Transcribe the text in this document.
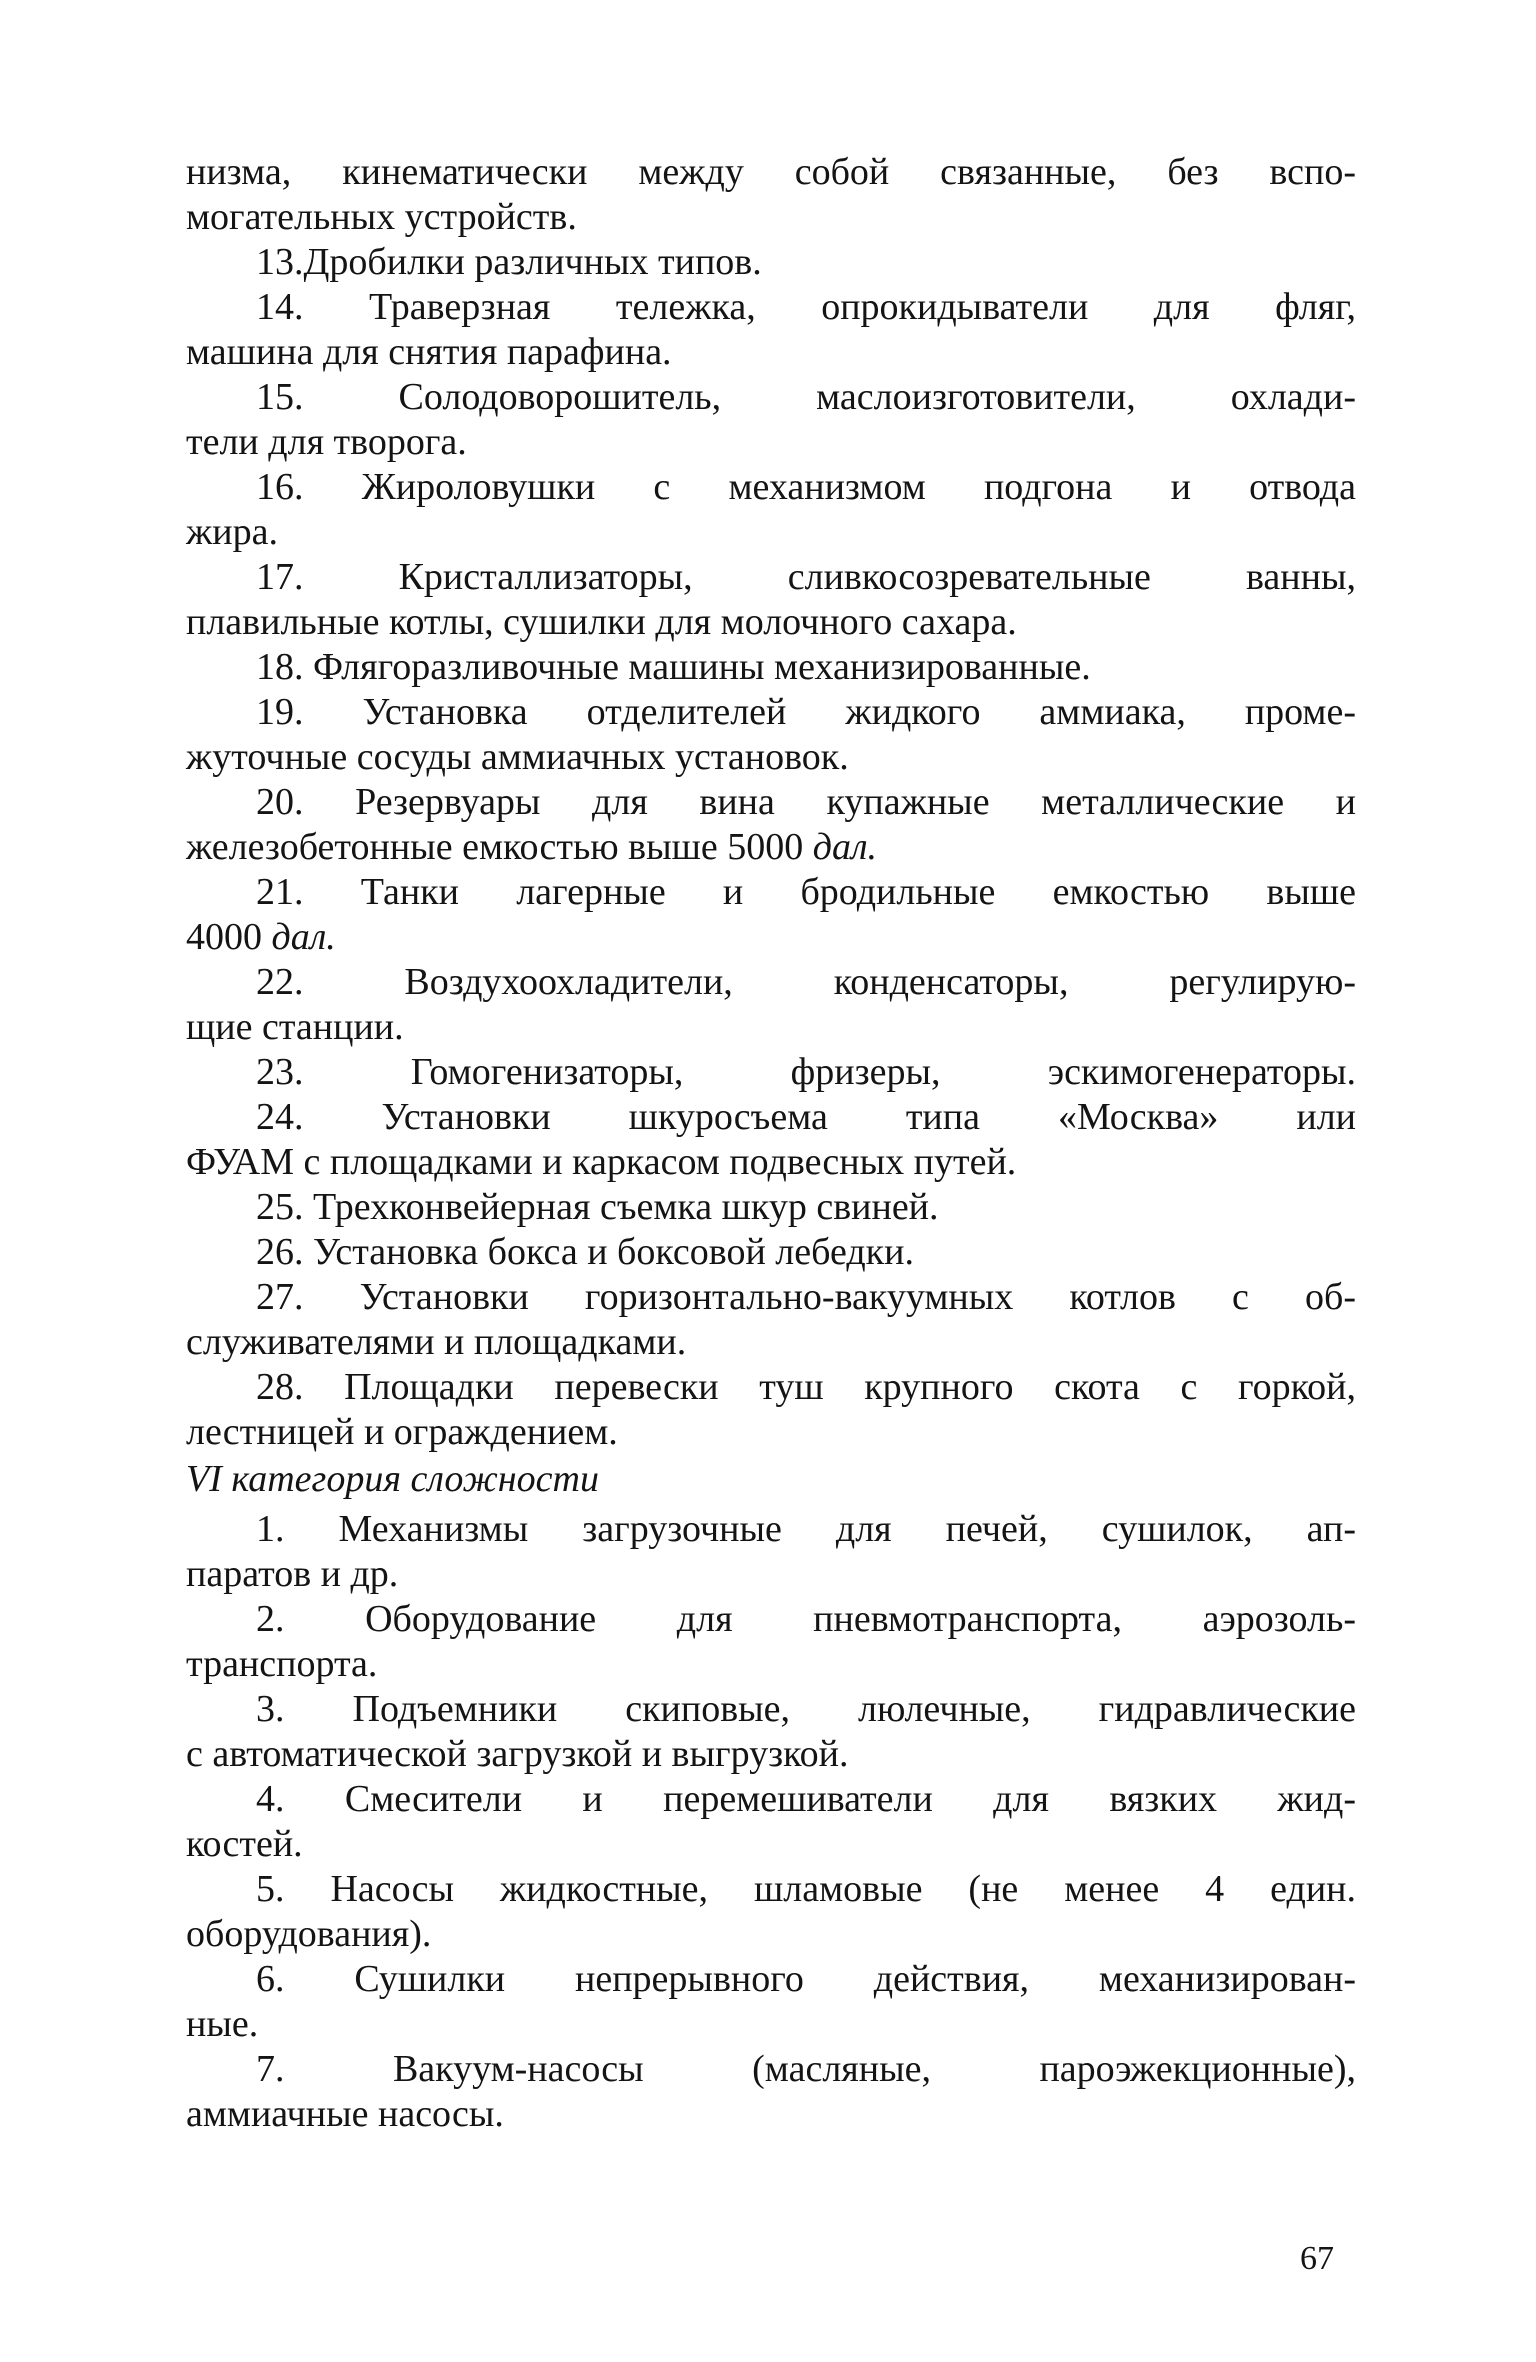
низма, кинематически между собой связанные, без вспо-
могательных устройств.
13.Дробилки различных типов.
14. Траверзная тележка, опрокидыватели для фляг,
машина для снятия парафина.
15. Солодоворошитель, маслоизготовители, охлади-
тели для творога.
16. Жироловушки с механизмом подгона и отвода
жира.
17. Кристаллизаторы, сливкосозревательные ванны,
плавильные котлы, сушилки для молочного сахара.
18. Флягоразливочные машины механизированные.
19. Установка отделителей жидкого аммиака, проме-
жуточные сосуды аммиачных установок.
20. Резервуары для вина купажные металлические и
железобетонные емкостью выше 5000 дал.
21. Танки лагерные и бродильные емкостью выше
4000 дал.
22. Воздухоохладители, конденсаторы, регулирую-
щие станции.
23. Гомогенизаторы, фризеры, эскимогенераторы.
24. Установки шкуросъема типа «Москва» или
ФУАМ с площадками и каркасом подвесных путей.
25. Трехконвейерная съемка шкур свиней.
26. Установка бокса и боксовой лебедки.
27. Установки горизонтально-вакуумных котлов с об-
служивателями и площадками.
28. Площадки перевески туш крупного скота с горкой,
лестницей и ограждением.
VI категория сложности
1. Механизмы загрузочные для печей, сушилок, ап-
паратов и др.
2. Оборудование для пневмотранспорта, аэрозоль-
транспорта.
3. Подъемники скиповые, люлечные, гидравлические
с автоматической загрузкой и выгрузкой.
4. Смесители и перемешиватели для вязких жид-
костей.
5. Насосы жидкостные, шламовые (не менее 4 един.
оборудования).
6. Сушилки непрерывного действия, механизирован-
ные.
7. Вакуум-насосы (масляные, пароэжекционные),
аммиачные насосы.
67
